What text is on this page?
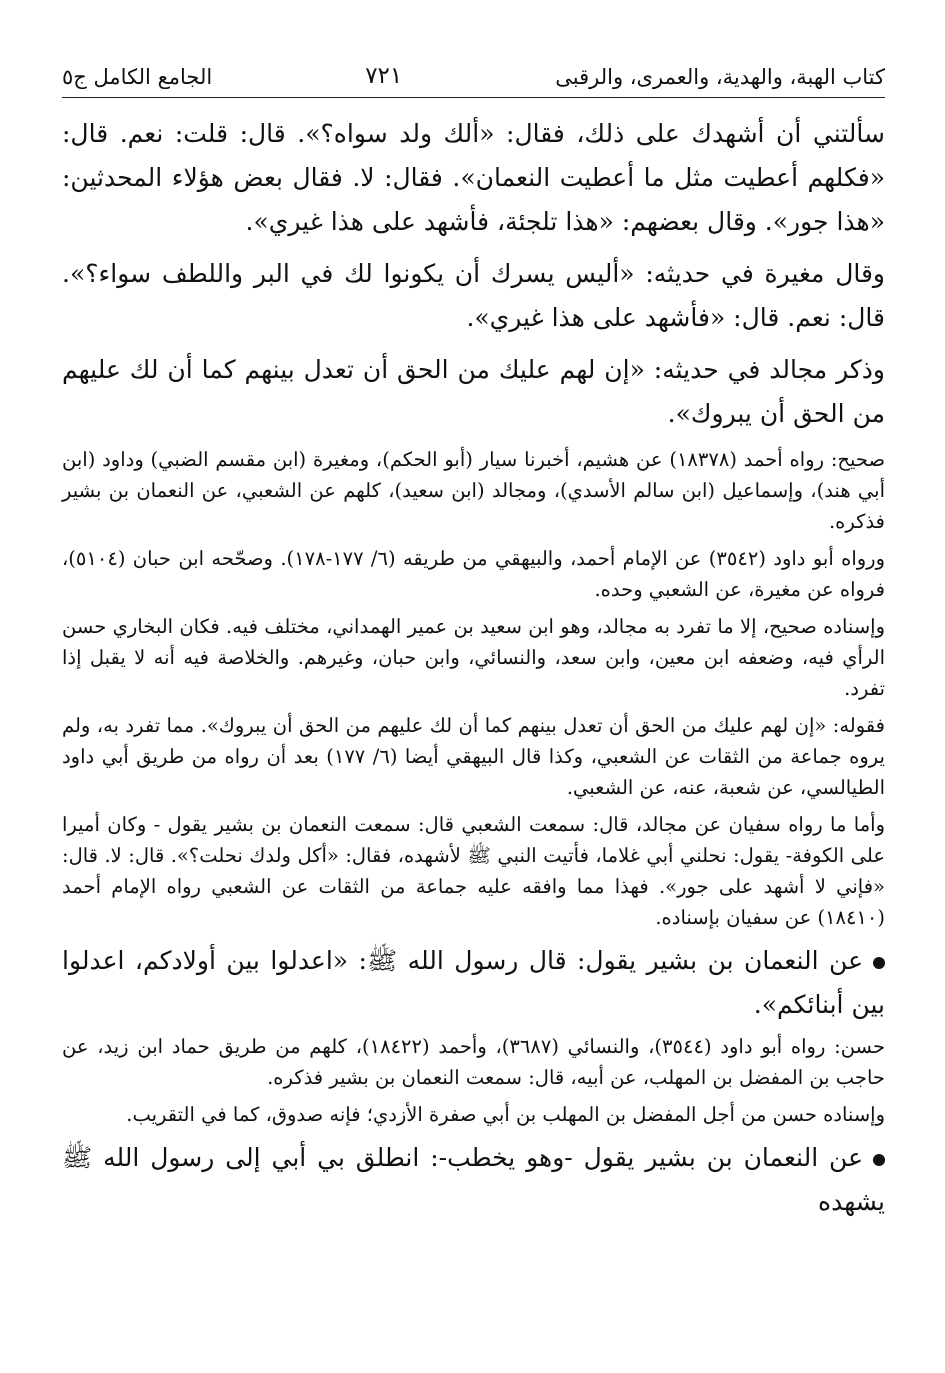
كتاب الهبة، والهدية، والعمرى، والرقبى
٧٢١
الجامع الكامل ج٥

سألتني أن أشهدك على ذلك، فقال: «ألك ولد سواه؟». قال: قلت: نعم. قال: «فكلهم أعطيت مثل ما أعطيت النعمان». فقال: لا. فقال بعض هؤلاء المحدثين: «هذا جور». وقال بعضهم: «هذا تلجئة، فأشهد على هذا غيري».

وقال مغيرة في حديثه: «أليس يسرك أن يكونوا لك في البر واللطف سواء؟». قال: نعم. قال: «فأشهد على هذا غيري».

وذكر مجالد في حديثه: «إن لهم عليك من الحق أن تعدل بينهم كما أن لك عليهم من الحق أن يبروك».

صحيح: رواه أحمد (١٨٣٧٨) عن هشيم، أخبرنا سيار (أبو الحكم)، ومغيرة (ابن مقسم الضبي) وداود (ابن أبي هند)، وإسماعيل (ابن سالم الأسدي)، ومجالد (ابن سعيد)، كلهم عن الشعبي، عن النعمان بن بشير فذكره.

ورواه أبو داود (٣٥٤٢) عن الإمام أحمد، والبيهقي من طريقه (٦/ ١٧٧-١٧٨). وصحّحه ابن حبان (٥١٠٤)، فرواه عن مغيرة، عن الشعبي وحده.

وإسناده صحيح، إلا ما تفرد به مجالد، وهو ابن سعيد بن عمير الهمداني، مختلف فيه. فكان البخاري حسن الرأي فيه، وضعفه ابن معين، وابن سعد، والنسائي، وابن حبان، وغيرهم. والخلاصة فيه أنه لا يقبل إذا تفرد.

فقوله: «إن لهم عليك من الحق أن تعدل بينهم كما أن لك عليهم من الحق أن يبروك». مما تفرد به، ولم يروه جماعة من الثقات عن الشعبي، وكذا قال البيهقي أيضا (٦/ ١٧٧) بعد أن رواه من طريق أبي داود الطيالسي، عن شعبة، عنه، عن الشعبي.

وأما ما رواه سفيان عن مجالد، قال: سمعت الشعبي قال: سمعت النعمان بن بشير يقول - وكان أميرا على الكوفة- يقول: نحلني أبي غلاما، فأتيت النبي ﷺ لأشهده، فقال: «أكل ولدك نحلت؟». قال: لا. قال: «فإني لا أشهد على جور». فهذا مما وافقه عليه جماعة من الثقات عن الشعبي رواه الإمام أحمد (١٨٤١٠) عن سفيان بإسناده.

عن النعمان بن بشير يقول: قال رسول الله ﷺ: «اعدلوا بين أولادكم، اعدلوا بين أبنائكم».

حسن: رواه أبو داود (٣٥٤٤)، والنسائي (٣٦٨٧)، وأحمد (١٨٤٢٢)، كلهم من طريق حماد ابن زيد، عن حاجب بن المفضل بن المهلب، عن أبيه، قال: سمعت النعمان بن بشير فذكره.

وإسناده حسن من أجل المفضل بن المهلب بن أبي صفرة الأزدي؛ فإنه صدوق، كما في التقريب.

عن النعمان بن بشير يقول -وهو يخطب-: انطلق بي أبي إلى رسول الله ﷺ يشهده
